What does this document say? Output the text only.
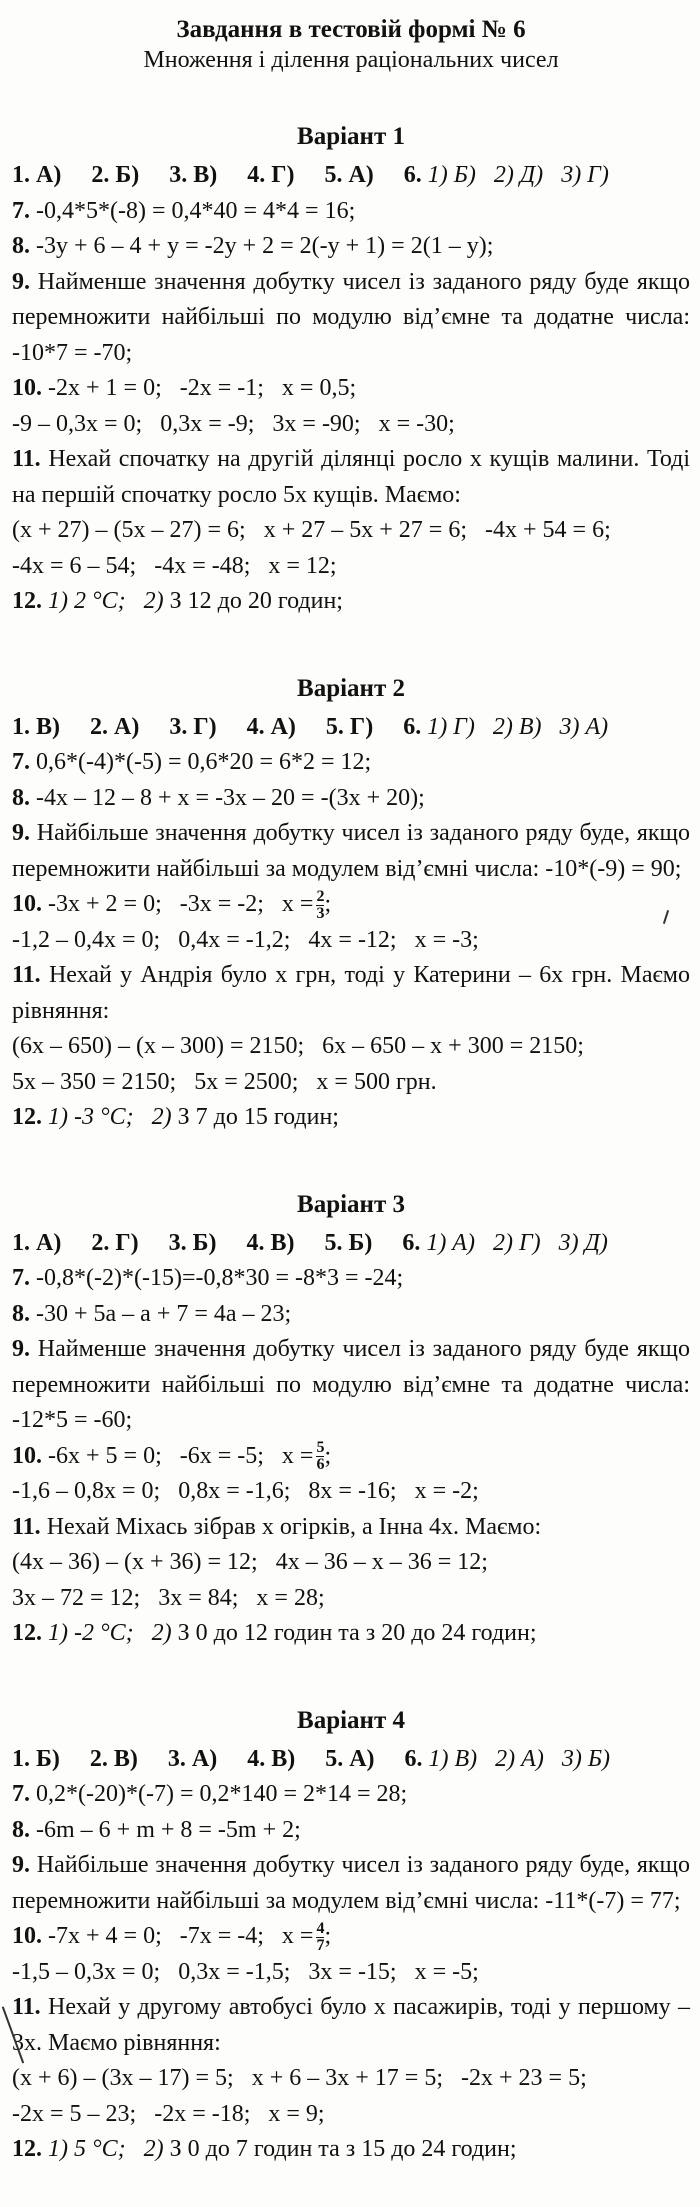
Завдання в тестовій формі № 6
Множення і ділення раціональних чисел
Варіант 1
1. А) 2. Б) 3. В) 4. Г) 5. А) 6. 1) Б) 2) Д) 3) Г)
7. -0,4*5*(-8) = 0,4*40 = 4*4 = 16;
8. -3y + 6 – 4 + y = -2y + 2 = 2(-y + 1) = 2(1 – y);
9. Найменше значення добутку чисел із заданого ряду буде якщо перемножити найбільші по модулю від’ємне та додатне числа: -10*7 = -70;
10. -2x + 1 = 0; -2x = -1; x = 0,5;
-9 – 0,3x = 0; 0,3x = -9; 3x = -90; x = -30;
11. Нехай спочатку на другій ділянці росло x кущів малини. Тоді на першій спочатку росло 5x кущів. Маємо:
(x + 27) – (5x – 27) = 6; x + 27 – 5x + 27 = 6; -4x + 54 = 6;
-4x = 6 – 54; -4x = -48; x = 12;
12. 1) 2 °С; 2) З 12 до 20 годин;
Варіант 2
1. В) 2. А) 3. Г) 4. А) 5. Г) 6. 1) Г) 2) В) 3) А)
7. 0,6*(-4)*(-5) = 0,6*20 = 6*2 = 12;
8. -4x – 12 – 8 + x = -3x – 20 = -(3x + 20);
9. Найбільше значення добутку чисел із заданого ряду буде, якщо перемножити найбільші за модулем від’ємні числа: -10*(-9) = 90;
10. -3x + 2 = 0; -3x = -2; $x = \frac{2}{3}$ ;
-1,2 – 0,4x = 0; 0,4x = -1,2; 4x = -12; x = -3;
11. Нехай у Андрія було x грн, тоді у Катерини – 6x грн. Маємо рівняння:
(6x – 650) – (x – 300) = 2150; 6x – 650 – x + 300 = 2150;
5x – 350 = 2150; 5x = 2500; x = 500 грн.
12. 1) -3 °С; 2) З 7 до 15 годин;
Варіант 3
1. А) 2. Г) 3. Б) 4. В) 5. Б) 6. 1) А) 2) Г) 3) Д)
7. -0,8*(-2)*(-15)=-0,8*30 = -8*3 = -24;
8. -30 + 5a – a + 7 = 4a – 23;
9. Найменше значення добутку чисел із заданого ряду буде якщо перемножити найбільші по модулю від’ємне та додатне числа: -12*5 = -60;
10. -6x + 5 = 0; -6x = -5; $x = \frac{5}{6}$ ;
-1,6 – 0,8x = 0; 0,8x = -1,6; 8x = -16; x = -2;
11. Нехай Міхась зібрав x огірків, а Інна 4x. Маємо:
(4x – 36) – (x + 36) = 12; 4x – 36 – x – 36 = 12;
3x – 72 = 12; 3x = 84; x = 28;
12. 1) -2 °С; 2) З 0 до 12 годин та з 20 до 24 годин;
Варіант 4
1. Б) 2. В) 3. А) 4. В) 5. А) 6. 1) В) 2) А) 3) Б)
7. 0,2*(-20)*(-7) = 0,2*140 = 2*14 = 28;
8. -6m – 6 + m + 8 = -5m + 2;
9. Найбільше значення добутку чисел із заданого ряду буде, якщо перемножити найбільші за модулем від’ємні числа: -11*(-7) = 77;
10. -7x + 4 = 0; -7x = -4; $x = \frac{4}{7}$ ;
-1,5 – 0,3x = 0; 0,3x = -1,5; 3x = -15; x = -5;
11. Нехай у другому автобусі було x пасажирів, тоді у першому – 3x. Маємо рівняння:
(x + 6) – (3x – 17) = 5; x + 6 – 3x + 17 = 5; -2x + 23 = 5;
-2x = 5 – 23; -2x = -18; x = 9;
12. 1) 5 °С; 2) З 0 до 7 годин та з 15 до 24 годин;
